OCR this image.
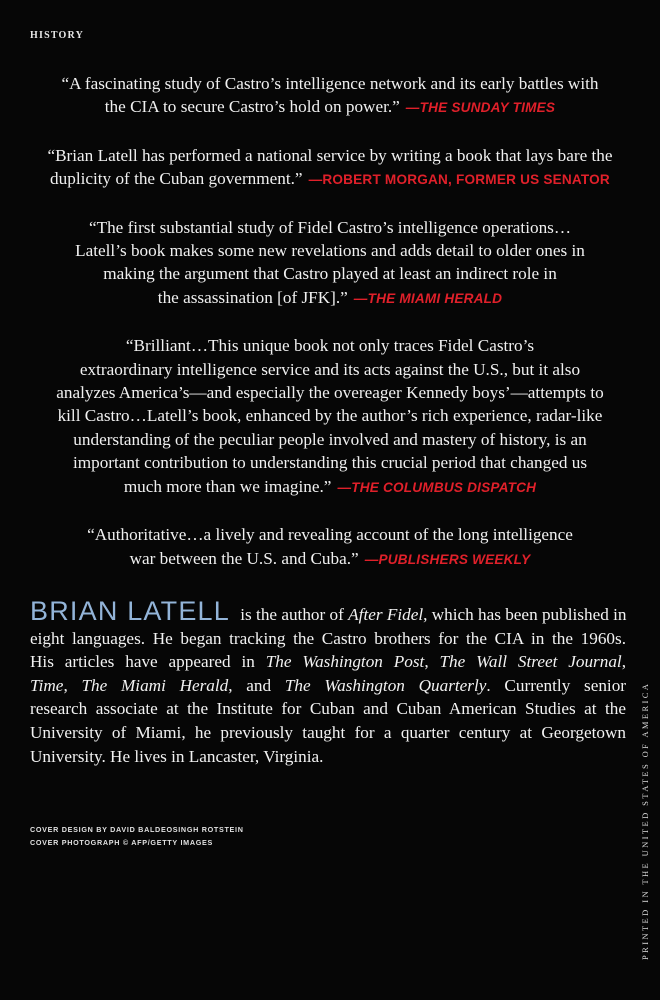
HISTORY

“A fascinating study of Castro’s intelligence network and its early battles with

the CIA to secure Castro’s hold on power.” —THE SUNDAY TIMES

“Brian Latell has performed a national service by writing a book that lays bare the

duplicity of the Cuban government.” —ROBERT MORGAN, FORMER US SENATOR

“The first substantial study of Fidel Castro’s intelligence operations…

Latell’s book makes some new revelations and adds detail to older ones in

making the argument that Castro played at least an indirect role in

the assassination [of JFK].” —THE MIAMI HERALD

“Brilliant…This unique book not only traces Fidel Castro’s

extraordinary intelligence service and its acts against the U.S., but it also

analyzes America’s—and especially the overeager Kennedy boys’—attempts to

kill Castro…Latell’s book, enhanced by the author’s rich experience, radar-like

understanding of the peculiar people involved and mastery of history, is an

important contribution to understanding this crucial period that changed us

much more than we imagine.” —THE COLUMBUS DISPATCH

“Authoritative…a lively and revealing account of the long intelligence

war between the U.S. and Cuba.” —PUBLISHERS WEEKLY

BRIAN LATELL is the author of After Fidel, which has been published in
eight languages. He began tracking the Castro brothers for the CIA in the 1960s.
His articles have appeared in The Washington Post, The Wall Street Journal,
Time, The Miami Herald, and The Washington Quarterly. Currently senior
research associate at the Institute for Cuban and Cuban American Studies at the
University of Miami, he previously taught for a quarter century at Georgetown
University. He lives in Lancaster, Virginia.
COVER DESIGN BY DAVID BALDEOSINGH ROTSTEIN
COVER PHOTOGRAPH © AFP/GETTY IMAGES	PRINTED IN THE UNITED STATES OF AMERICA
